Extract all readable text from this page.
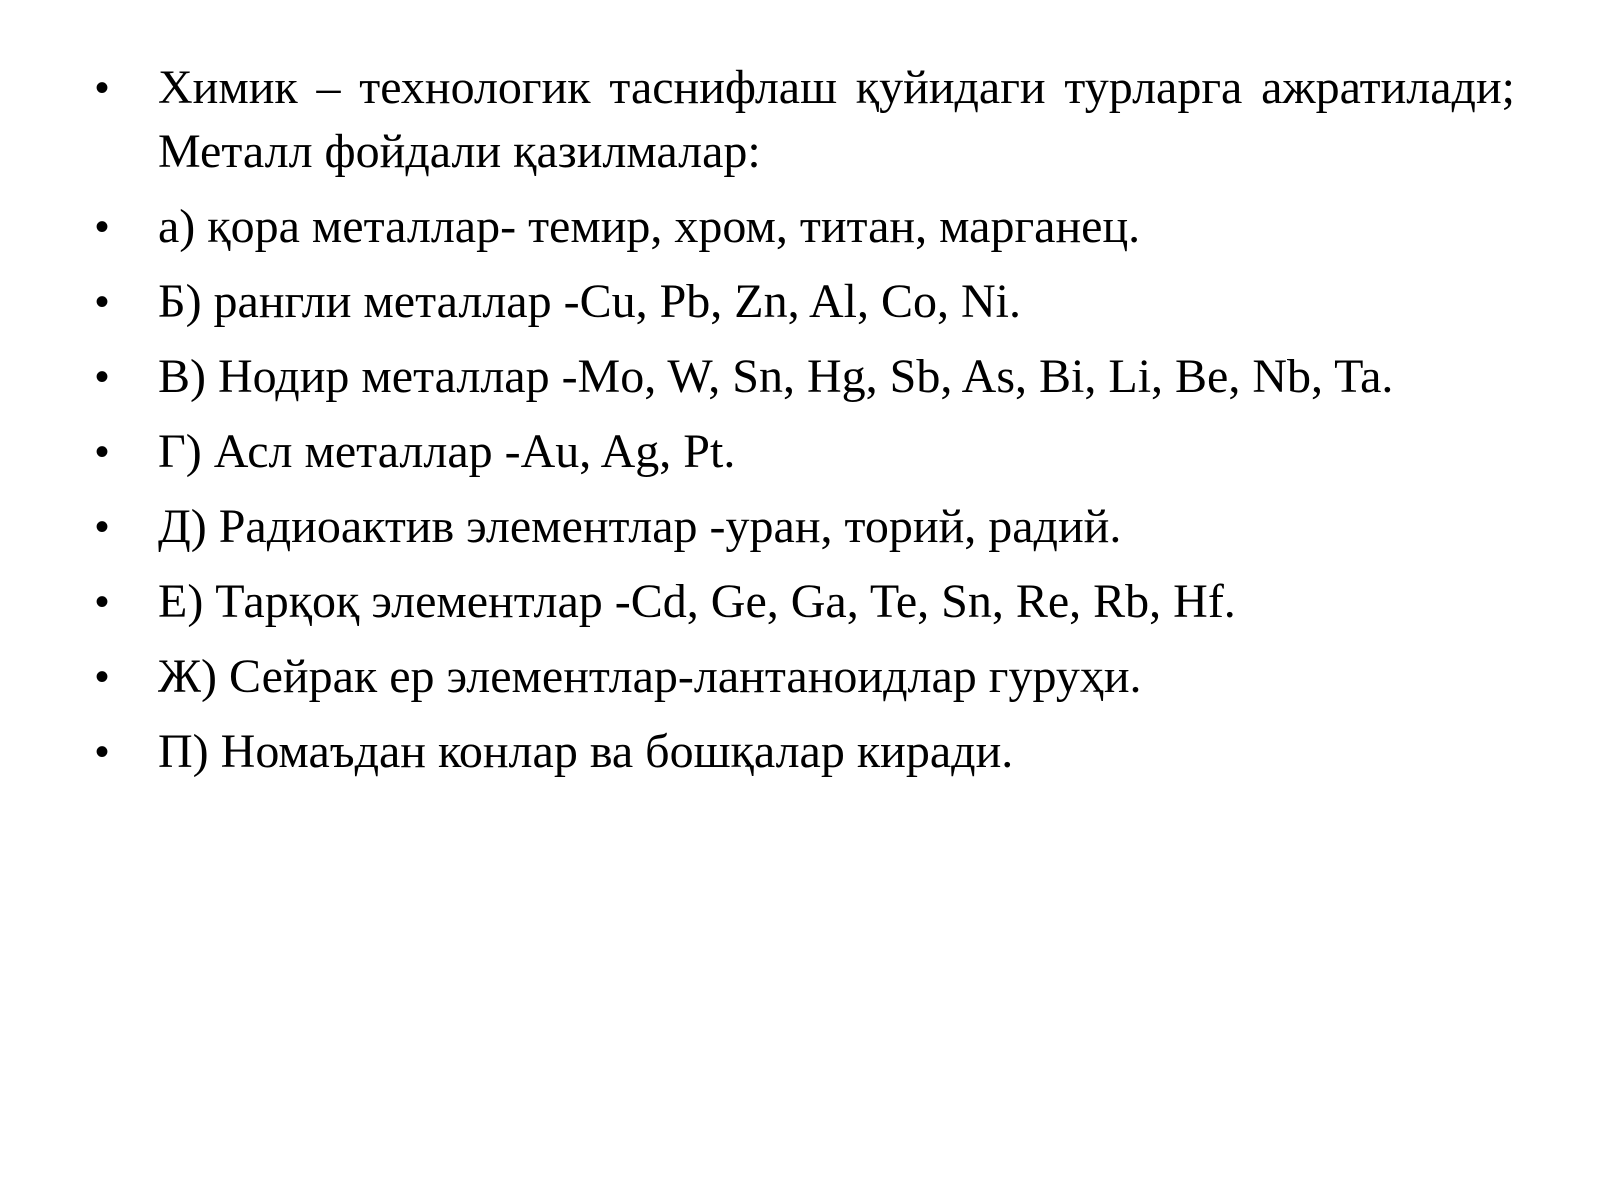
• Химик – технологик таснифлаш қуйидаги турларга ажратилади; Металл фойдали қазилмалар:
• а) қора металлар- темир, хром, титан, марганец.
• Б) рангли металлар -Cu, Pb, Zn, Al, Co, Ni.
• В) Нодир металлар -Mo, W, Sn, Hg, Sb, As, Bi, Li, Be, Nb, Ta.
• Г) Асл металлар -Au, Ag, Pt.
• Д) Радиоактив элементлар -уран, торий, радий.
• Е) Тарқоқ элементлар -Cd, Ge, Ga, Te, Sn, Re, Rb, Hf.
• Ж) Сейрак ер элементлар-лантаноидлар гуруҳи.
• П) Номаъдан конлар ва бошқалар киради.
